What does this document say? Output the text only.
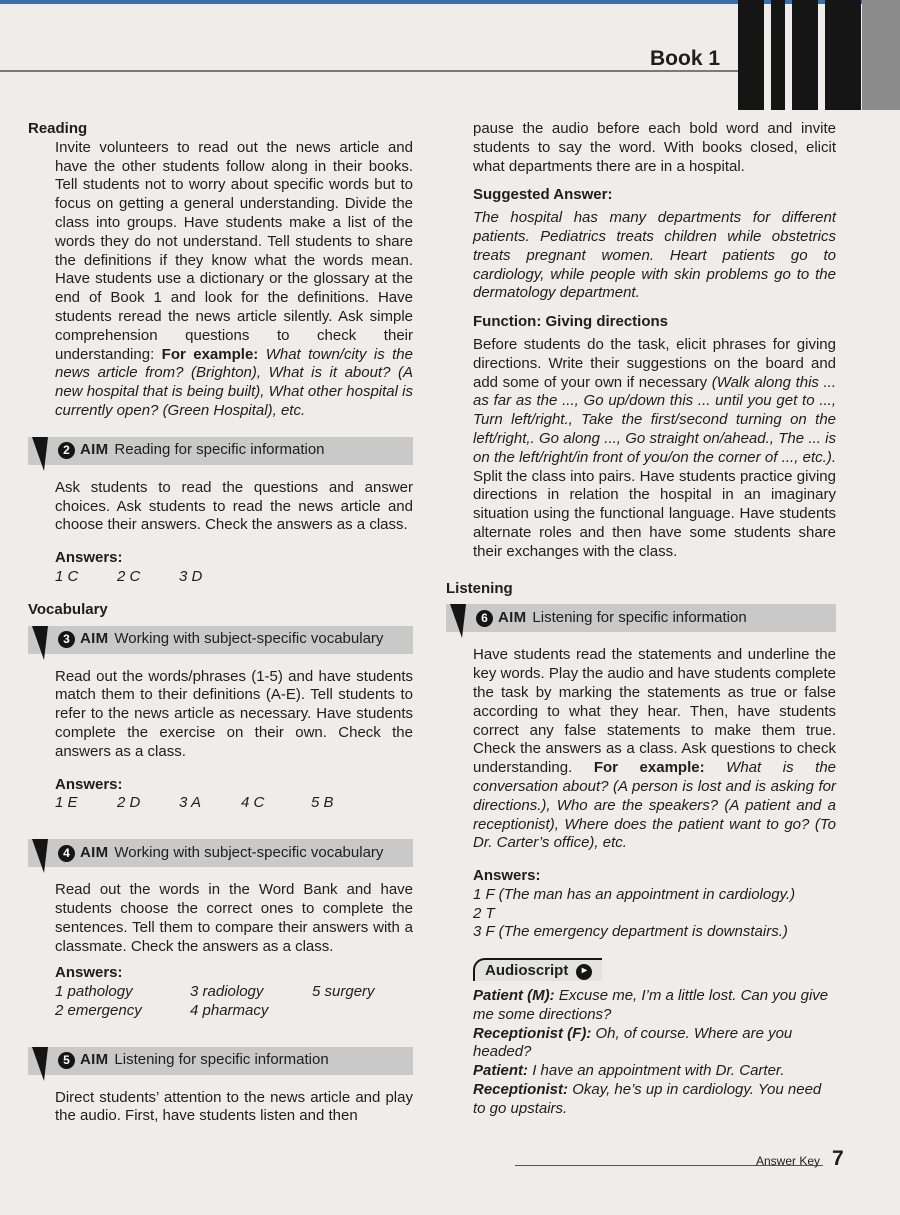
Book 1

Reading

Invite volunteers to read out the news article and have the other students follow along in their books. Tell students not to worry about specific words but to focus on getting a general understanding. Divide the class into groups. Have students make a list of the words they do not understand. Tell students to share the definitions if they know what the words mean. Have students use a dictionary or the glossary at the end of Book 1 and look for the definitions. Have students reread the news article silently. Ask simple comprehension questions to check their understanding: For example: What town/city is the news article from? (Brighton), What is it about? (A new hospital that is being built), What other hospital is currently open? (Green Hospital), etc.

2 AIM Reading for specific information

Ask students to read the questions and answer choices. Ask students to read the news article and choose their answers. Check the answers as a class.

Answers:

1 C	2 C	3 D

Vocabulary

3 AIM Working with subject-specific vocabulary

Read out the words/phrases (1-5) and have students match them to their definitions (A-E). Tell students to refer to the news article as necessary. Have students complete the exercise on their own. Check the answers as a class.

Answers:

1 E	2 D	3 A	4 C	5 B
4 AIM Working with subject-specific vocabulary

Read out the words in the Word Bank and have students choose the correct ones to complete the sentences. Tell them to compare their answers with a classmate. Check the answers as a class.

Answers:

1 pathology	3 radiology	5 surgery
2 emergency	4 pharmacy
5 AIM Listening for specific information

Direct students’ attention to the news article and play the audio. First, have students listen and then

pause the audio before each bold word and invite students to say the word. With books closed, elicit what departments there are in a hospital.

Suggested Answer:

The hospital has many departments for different patients. Pediatrics treats children while obstetrics treats pregnant women. Heart patients go to cardiology, while people with skin problems go to the dermatology department.

Function: Giving directions

Before students do the task, elicit phrases for giving directions. Write their suggestions on the board and add some of your own if necessary (Walk along this ... as far as the ..., Go up/down this ... until you get to ..., Turn left/right., Take the first/second turning on the left/right,. Go along ..., Go straight on/ahead., The ... is on the left/right/in front of you/on the corner of ..., etc.). Split the class into pairs. Have students practice giving directions in relation the hospital in an imaginary situation using the functional language. Have students alternate roles and then have some students share their exchanges with the class.

Listening

6 AIM Listening for specific information

Have students read the statements and underline the key words. Play the audio and have students complete the task by marking the statements as true or false according to what they hear. Then, have students correct any false statements to make them true. Check the answers as a class. Ask questions to check understanding. For example: What is the conversation about? (A person is lost and is asking for directions.), Who are the speakers? (A patient and a receptionist), Where does the patient want to go? (To Dr. Carter’s office), etc.

Answers:

1 F (The man has an appointment in cardiology.)
2 T
3 F (The emergency department is downstairs.)
Audioscript	▸

Patient (M): Excuse me, I’m a little lost. Can you give me some directions?

Receptionist (F): Oh, of course. Where are you headed?

Patient: I have an appointment with Dr. Carter.

Receptionist: Okay, he’s up in cardiology. You need to go upstairs.

Answer Key 7
